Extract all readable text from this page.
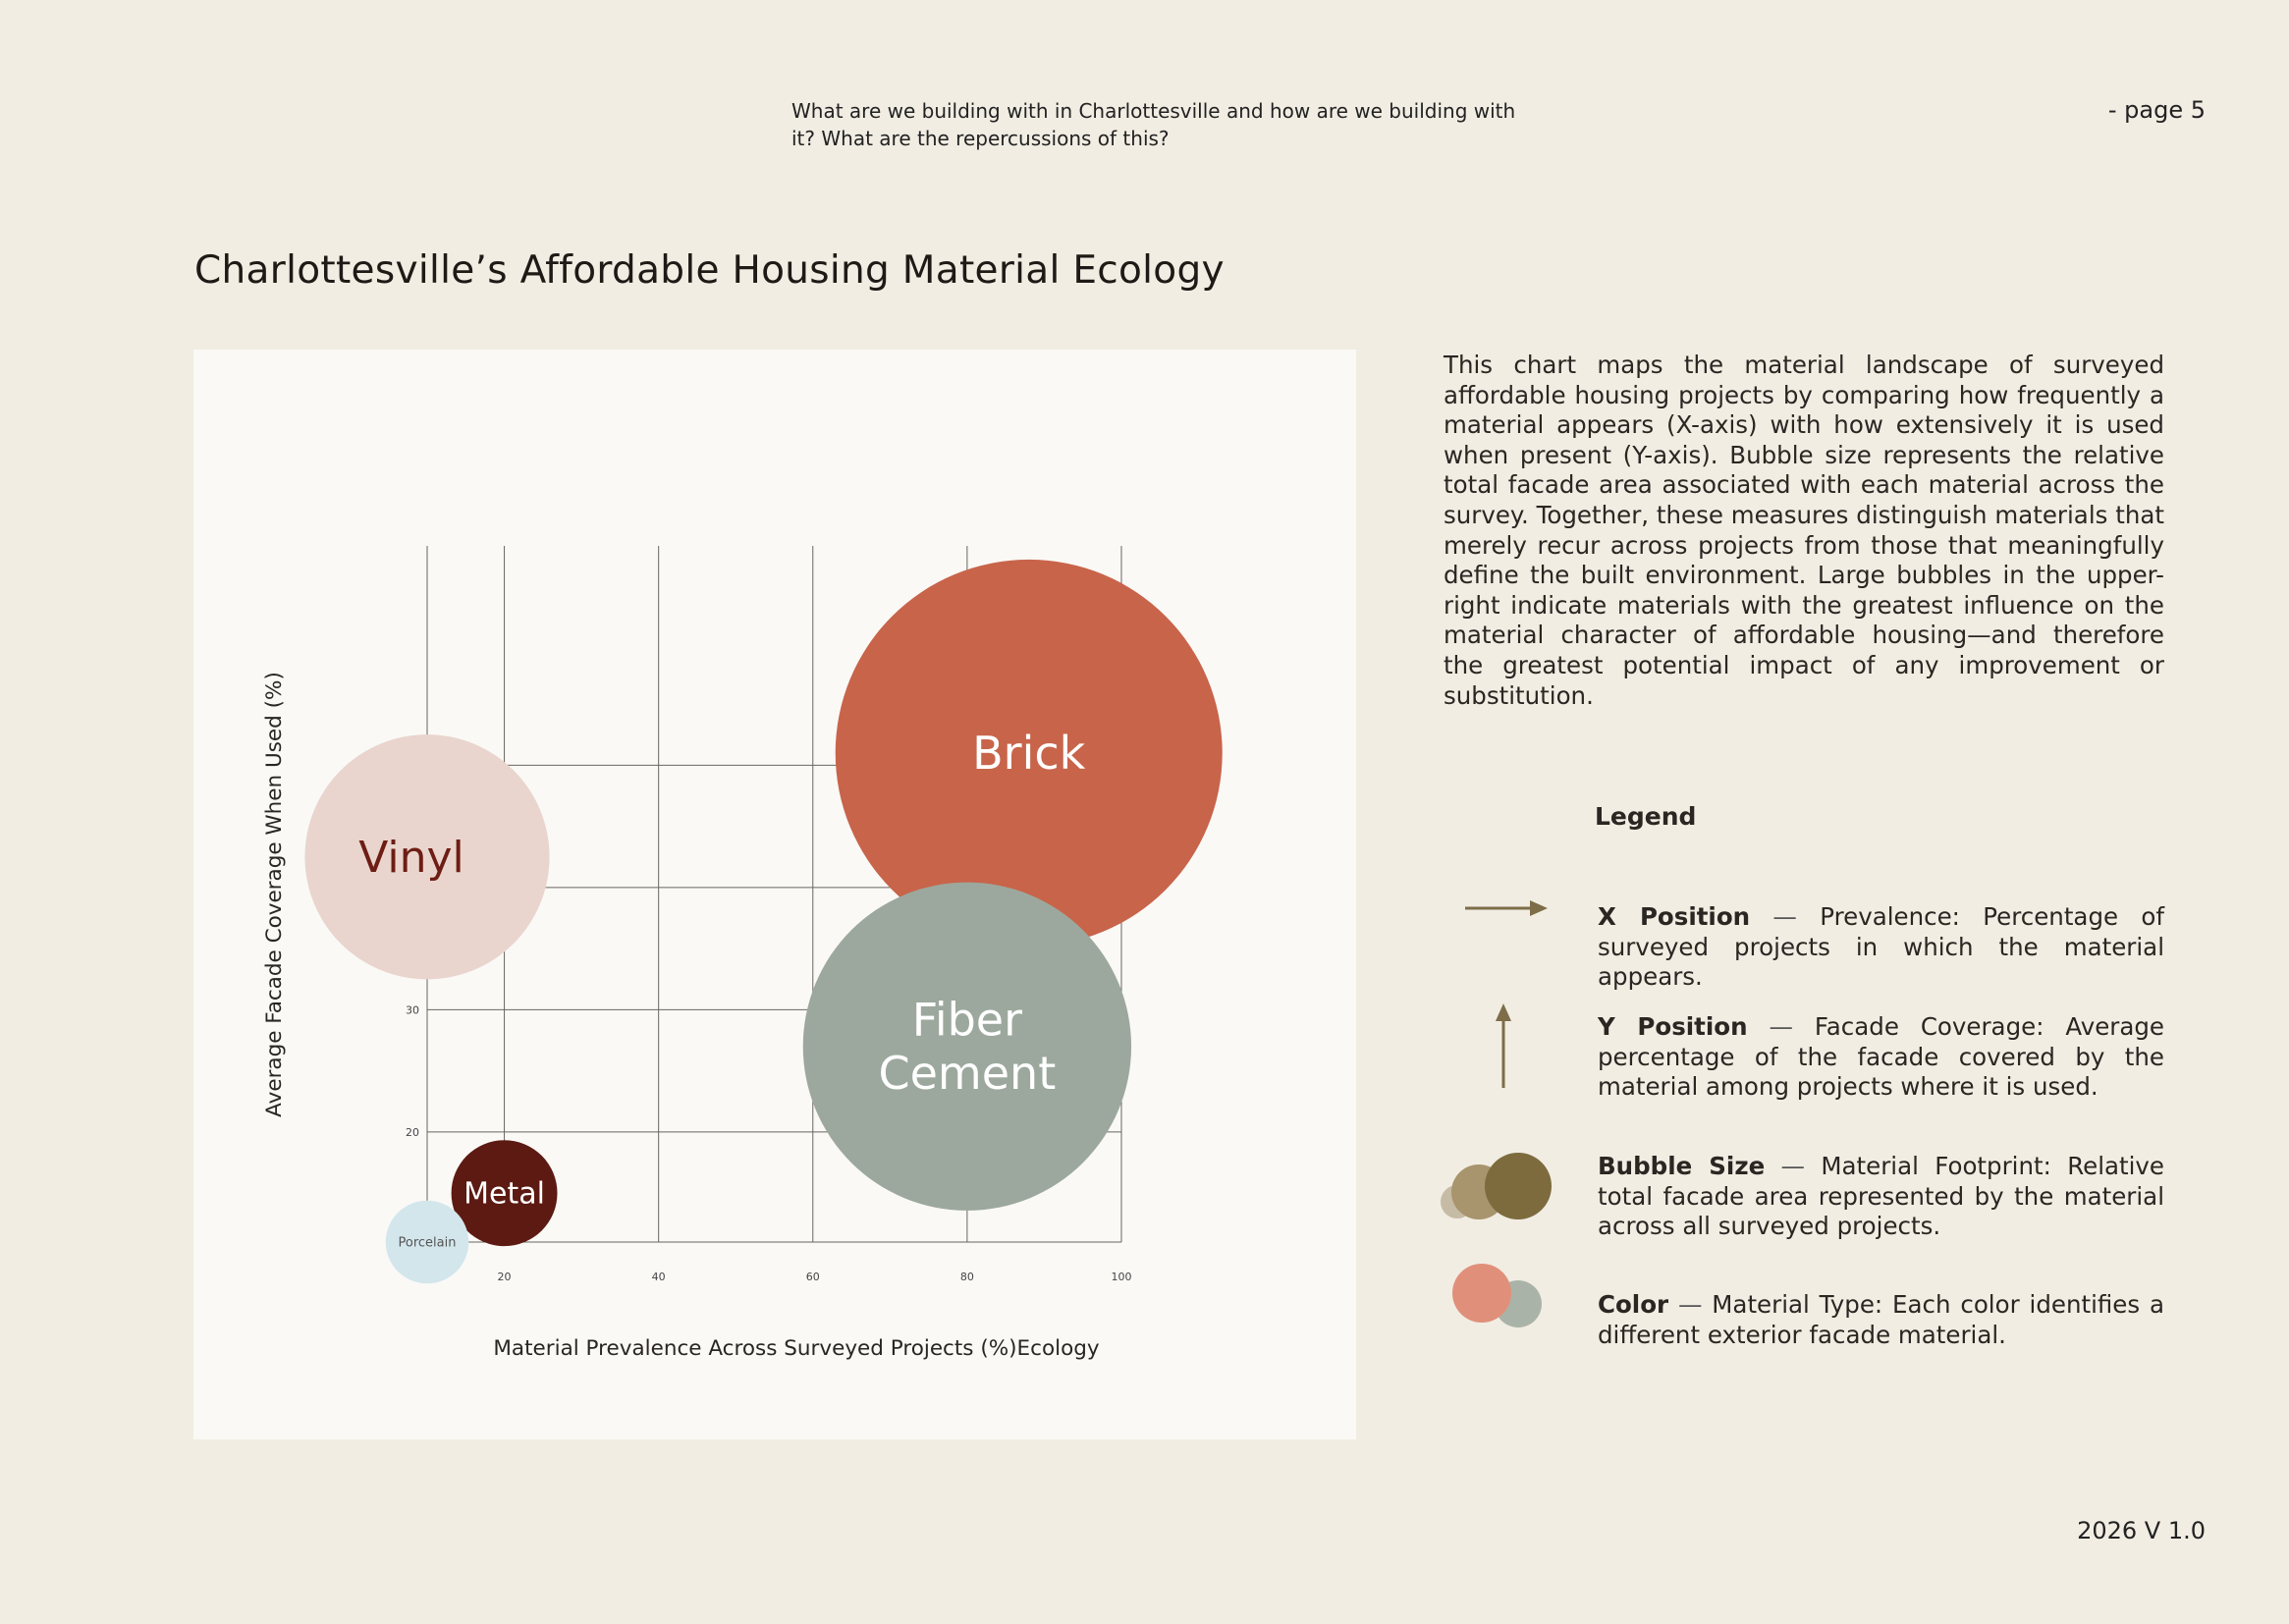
What are we building with in Charlottesville and how are we building with it? What are the repercussions of this?
- page 5
Charlottesville’s Affordable Housing Material Ecology
20	40	60	80	100
20
30
Brick
Fiber
Cement
Vinyl
Metal
Porcelain
Material Prevalence Across Surveyed Projects (%)Ecology
Average Facade Coverage When Used (%)
This chart maps the material landscape of surveyed affordable housing projects by comparing how frequently a material appears (X-axis) with how extensively it is used when present (Y-axis). Bubble size represents the relative total facade area associated with each material across the survey. Together, these measures distinguish materials that merely recur across projects from those that meaningfully define the built environment. Large bubbles in the upper-right indicate materials with the greatest influence on the material character of affordable housing—and therefore the greatest potential impact of any improvement or substitution.
Legend
X Position — Prevalence: Percentage of surveyed projects in which the material appears.
Y Position — Facade Coverage: Average percentage of the facade covered by the material among projects where it is used.
Bubble Size — Material Footprint: Relative total facade area represented by the material across all surveyed projects.
Color — Material Type: Each color identifies a different exterior facade material.
2026 V 1.0
